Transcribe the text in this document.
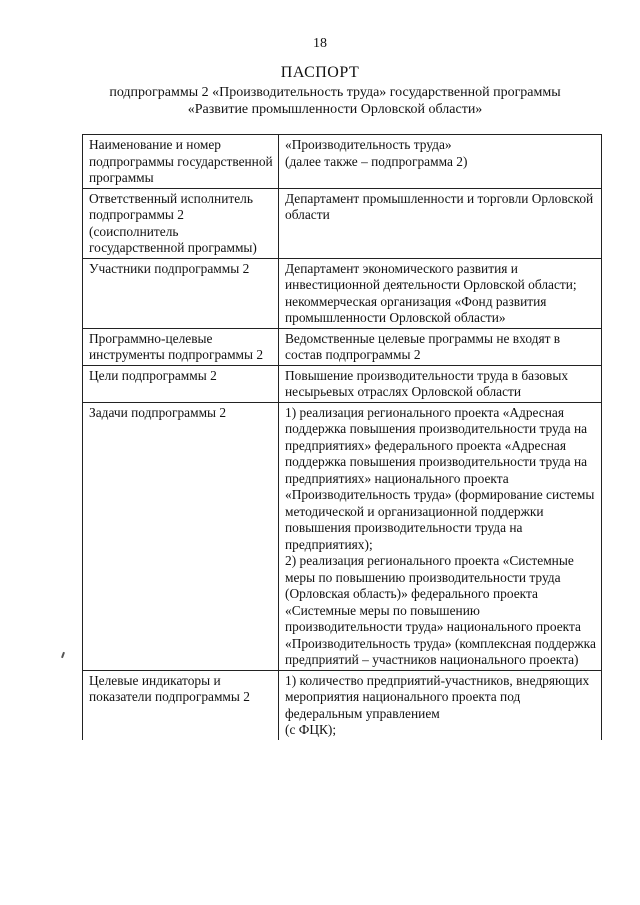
18
ПАСПОРТ
подпрограммы 2 «Производительность труда» государственной программы
«Развитие промышленности Орловской области»
Наименование и номер подпрограммы государственной программы	«Производительность труда»
(далее также – подпрограмма 2)
Ответственный исполнитель подпрограммы 2 (соисполнитель государственной программы)	Департамент промышленности и торговли Орловской области
Участники подпрограммы 2	Департамент экономического развития и инвестиционной деятельности Орловской области;
некоммерческая организация «Фонд развития промышленности Орловской области»
Программно-целевые инструменты подпрограммы 2	Ведомственные целевые программы не входят в состав подпрограммы 2
Цели подпрограммы 2	Повышение производительности труда в базовых несырьевых отраслях Орловской области
Задачи подпрограммы 2	1) реализация регионального проекта «Адресная поддержка повышения производительности труда на предприятиях» федерального проекта «Адресная поддержка повышения производительности труда на предприятиях» национального проекта «Производительность труда» (формирование системы методической и организационной поддержки повышения производительности труда на предприятиях);
2) реализация регионального проекта «Системные меры по повышению производительности труда (Орловская область)» федерального проекта «Системные меры по повышению производительности труда» национального проекта «Производительность труда» (комплексная поддержка предприятий – участников национального проекта)
Целевые индикаторы и показатели подпрограммы 2	1) количество предприятий-участников, внедряющих мероприятия национального проекта под федеральным управлением
(с ФЦК);
